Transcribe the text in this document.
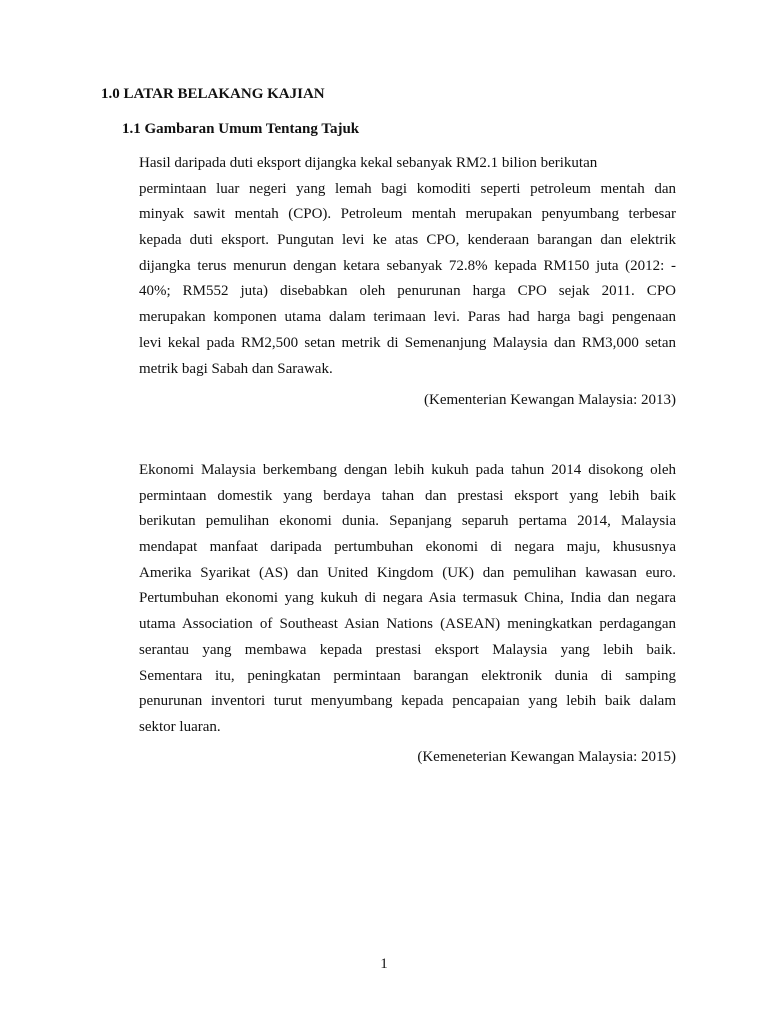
1.0 LATAR BELAKANG KAJIAN
1.1 Gambaran Umum Tentang Tajuk
Hasil daripada duti eksport dijangka kekal sebanyak RM2.1 bilion berikutan
permintaan luar negeri yang lemah bagi komoditi seperti petroleum mentah dan
minyak sawit mentah (CPO). Petroleum mentah merupakan penyumbang terbesar
kepada duti eksport. Pungutan levi ke atas CPO, kenderaan barangan dan elektrik
dijangka terus menurun dengan ketara sebanyak 72.8% kepada RM150 juta (2012: -
40%; RM552 juta) disebabkan oleh penurunan harga CPO sejak 2011. CPO
merupakan komponen utama dalam terimaan levi. Paras had harga bagi pengenaan
levi kekal pada RM2,500 setan metrik di Semenanjung Malaysia dan RM3,000 setan
metrik bagi Sabah dan Sarawak.

(Kementerian Kewangan Malaysia: 2013)

Ekonomi Malaysia berkembang dengan lebih kukuh pada tahun 2014 disokong oleh
permintaan domestik yang berdaya tahan dan prestasi eksport yang lebih baik
berikutan pemulihan ekonomi dunia. Sepanjang separuh pertama 2014, Malaysia
mendapat manfaat daripada pertumbuhan ekonomi di negara maju, khususnya
Amerika Syarikat (AS) dan United Kingdom (UK) dan pemulihan kawasan euro.
Pertumbuhan ekonomi yang kukuh di negara Asia termasuk China, India dan negara
utama Association of Southeast Asian Nations (ASEAN) meningkatkan perdagangan
serantau yang membawa kepada prestasi eksport Malaysia yang lebih baik.
Sementara itu, peningkatan permintaan barangan elektronik dunia di samping
penurunan inventori turut menyumbang kepada pencapaian yang lebih baik dalam
sektor luaran.

(Kemeneterian Kewangan Malaysia: 2015)

1
